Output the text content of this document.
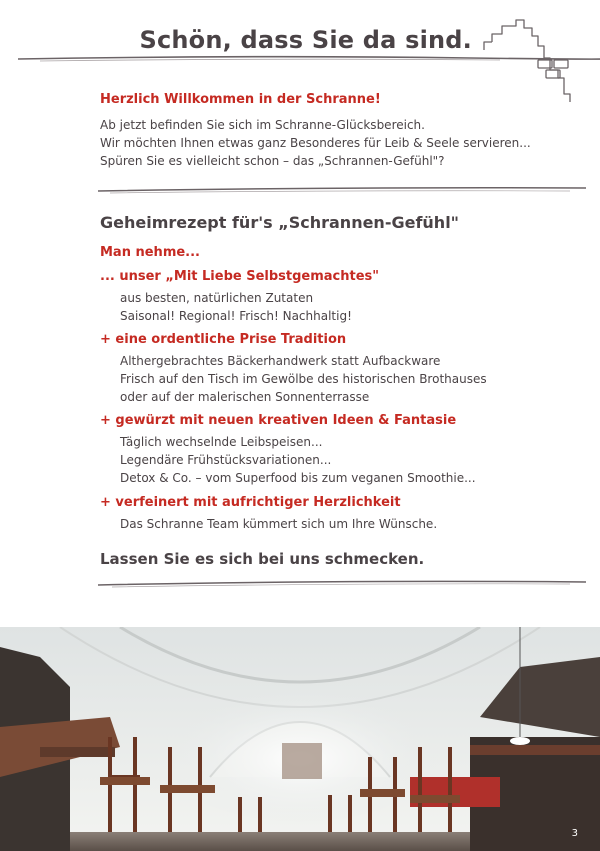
Schön, dass Sie da sind.
Herzlich Willkommen in der Schranne!
Ab jetzt befinden Sie sich im Schranne-Glücksbereich.
Wir möchten Ihnen etwas ganz Besonderes für Leib & Seele servieren...
Spüren Sie es vielleicht schon – das „Schrannen-Gefühl"?
Geheimrezept für's „Schrannen-Gefühl"
Man nehme...
... unser „Mit Liebe Selbstgemachtes"
aus besten, natürlichen Zutaten
Saisonal! Regional! Frisch! Nachhaltig!
+ eine ordentliche Prise Tradition
Althergebrachtes Bäckerhandwerk statt Aufbackware
Frisch auf den Tisch im Gewölbe des historischen Brothauses
oder auf der malerischen Sonnenterrasse
+ gewürzt mit neuen kreativen Ideen & Fantasie
Täglich wechselnde Leibspeisen...
Legendäre Frühstücksvariationen...
Detox & Co. – vom Superfood bis zum veganen Smoothie...
+ verfeinert mit aufrichtiger Herzlichkeit
Das Schranne Team kümmert sich um Ihre Wünsche.
Lassen Sie es sich bei uns schmecken.
3
